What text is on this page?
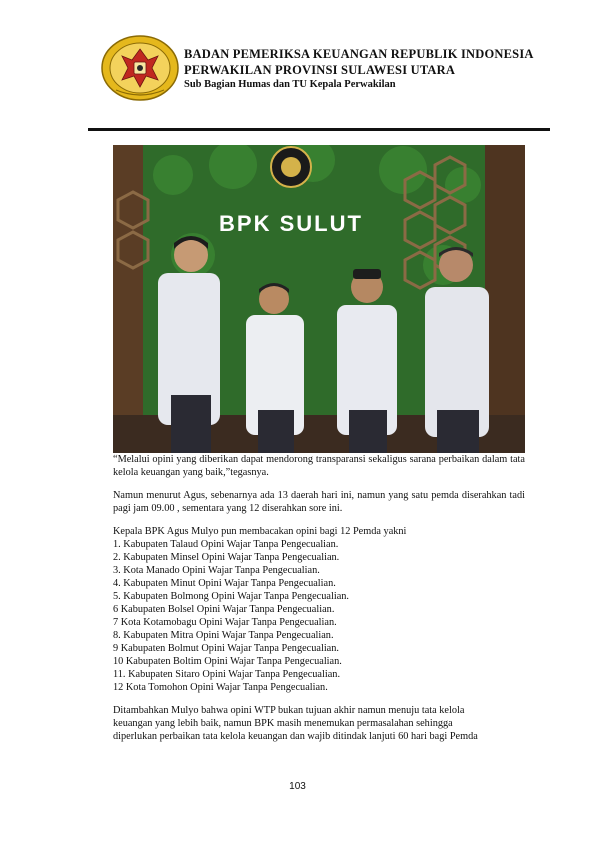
BADAN PEMERIKSA KEUANGAN REPUBLIK INDONESIA
PERWAKILAN PROVINSI SULAWESI UTARA
Sub Bagian Humas dan TU Kepala Perwakilan
BPK SULUT

“Melalui opini yang diberikan dapat mendorong transparansi sekaligus sarana perbaikan dalam tata kelola keuangan yang baik,”tegasnya.

Namun menurut Agus, sebenarnya ada 13 daerah hari ini, namun yang satu pemda diserahkan tadi pagi jam 09.00 , sementara yang 12 diserahkan sore ini.

Kepala BPK Agus Mulyo pun membacakan opini bagi 12 Pemda yakni

1. Kabupaten Talaud Opini Wajar Tanpa Pengecualian.

2. Kabupaten Minsel Opini Wajar Tanpa Pengecualian.

3. Kota Manado Opini Wajar Tanpa Pengecualian.

4. Kabupaten Minut Opini Wajar Tanpa Pengecualian.

5. Kabupaten Bolmong Opini Wajar Tanpa Pengecualian.

6 Kabupaten Bolsel Opini Wajar Tanpa Pengecualian.

7 Kota Kotamobagu Opini Wajar Tanpa Pengecualian.

8. Kabupaten Mitra Opini Wajar Tanpa Pengecualian.

9 Kabupaten Bolmut Opini Wajar Tanpa Pengecualian.

10 Kabupaten Boltim Opini Wajar Tanpa Pengecualian.

11. Kabupaten Sitaro Opini Wajar Tanpa Pengecualian.

12 Kota Tomohon Opini Wajar Tanpa Pengecualian.

Ditambahkan Mulyo bahwa opini WTP bukan tujuan akhir namun menuju tata kelola

keuangan yang lebih baik, namun BPK masih menemukan permasalahan sehingga

diperlukan perbaikan tata kelola keuangan dan wajib ditindak lanjuti 60 hari bagi Pemda

103
